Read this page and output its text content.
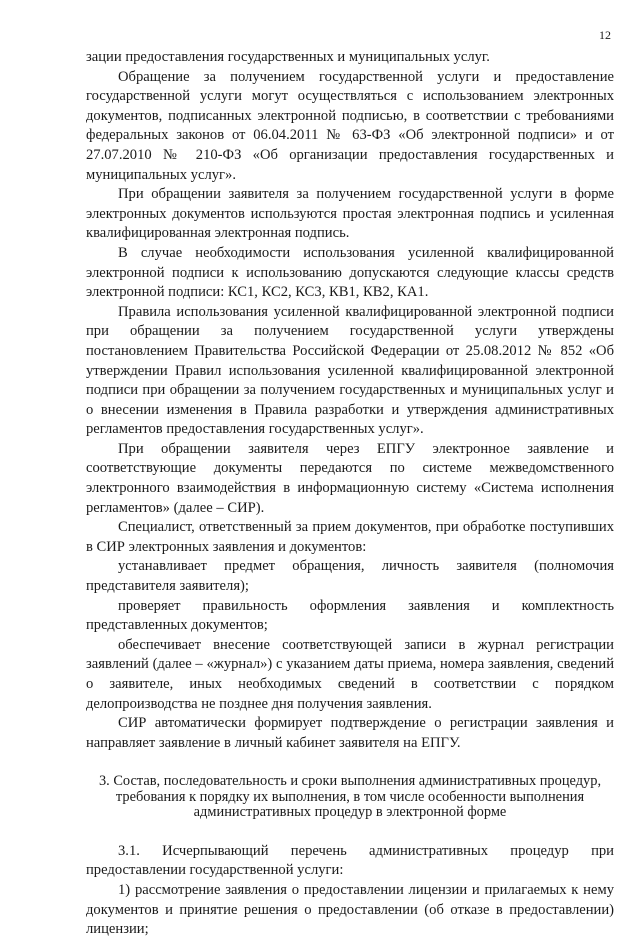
12

зации предоставления государственных и муниципальных услуг.

Обращение за получением государственной услуги и предоставление государственной услуги могут осуществляться с использованием электронных документов, подписанных электронной подписью, в соответствии с требованиями федеральных законов от 06.04.2011 № 63-ФЗ «Об электронной подписи» и от 27.07.2010 № 210-ФЗ «Об организации предоставления государственных и муниципальных услуг».

При обращении заявителя за получением государственной услуги в форме электронных документов используются простая электронная подпись и усиленная квалифицированная электронная подпись.

В случае необходимости использования усиленной квалифицированной электронной подписи к использованию допускаются следующие классы средств электронной подписи: КС1, КС2, КС3, КВ1, КВ2, КА1.

Правила использования усиленной квалифицированной электронной подписи при обращении за получением государственной услуги утверждены постановлением Правительства Российской Федерации от 25.08.2012 № 852 «Об утверждении Правил использования усиленной квалифицированной электронной подписи при обращении за получением государственных и муниципальных услуг и о внесении изменения в Правила разработки и утверждения административных регламентов предоставления государственных услуг».

При обращении заявителя через ЕПГУ электронное заявление и соответствующие документы передаются по системе межведомственного электронного взаимодействия в информационную систему «Система исполнения регламентов» (далее – СИР).

Специалист, ответственный за прием документов, при обработке поступивших в СИР электронных заявления и документов:

устанавливает предмет обращения, личность заявителя (полномочия представителя заявителя);

проверяет правильность оформления заявления и комплектность представленных документов;

обеспечивает внесение соответствующей записи в журнал регистрации заявлений (далее – «журнал») с указанием даты приема, номера заявления, сведений о заявителе, иных необходимых сведений в соответствии с порядком делопроизводства не позднее дня получения заявления.

СИР автоматически формирует подтверждение о регистрации заявления и направляет заявление в личный кабинет заявителя на ЕПГУ.

3. Состав, последовательность и сроки выполнения административных процедур,
требования к порядку их выполнения, в том числе особенности выполнения
административных процедур в электронной форме

3.1. Исчерпывающий перечень административных процедур при предоставлении государственной услуги:

1) рассмотрение заявления о предоставлении лицензии и прилагаемых к нему документов и принятие решения о предоставлении (об отказе в предоставлении) лицензии;
